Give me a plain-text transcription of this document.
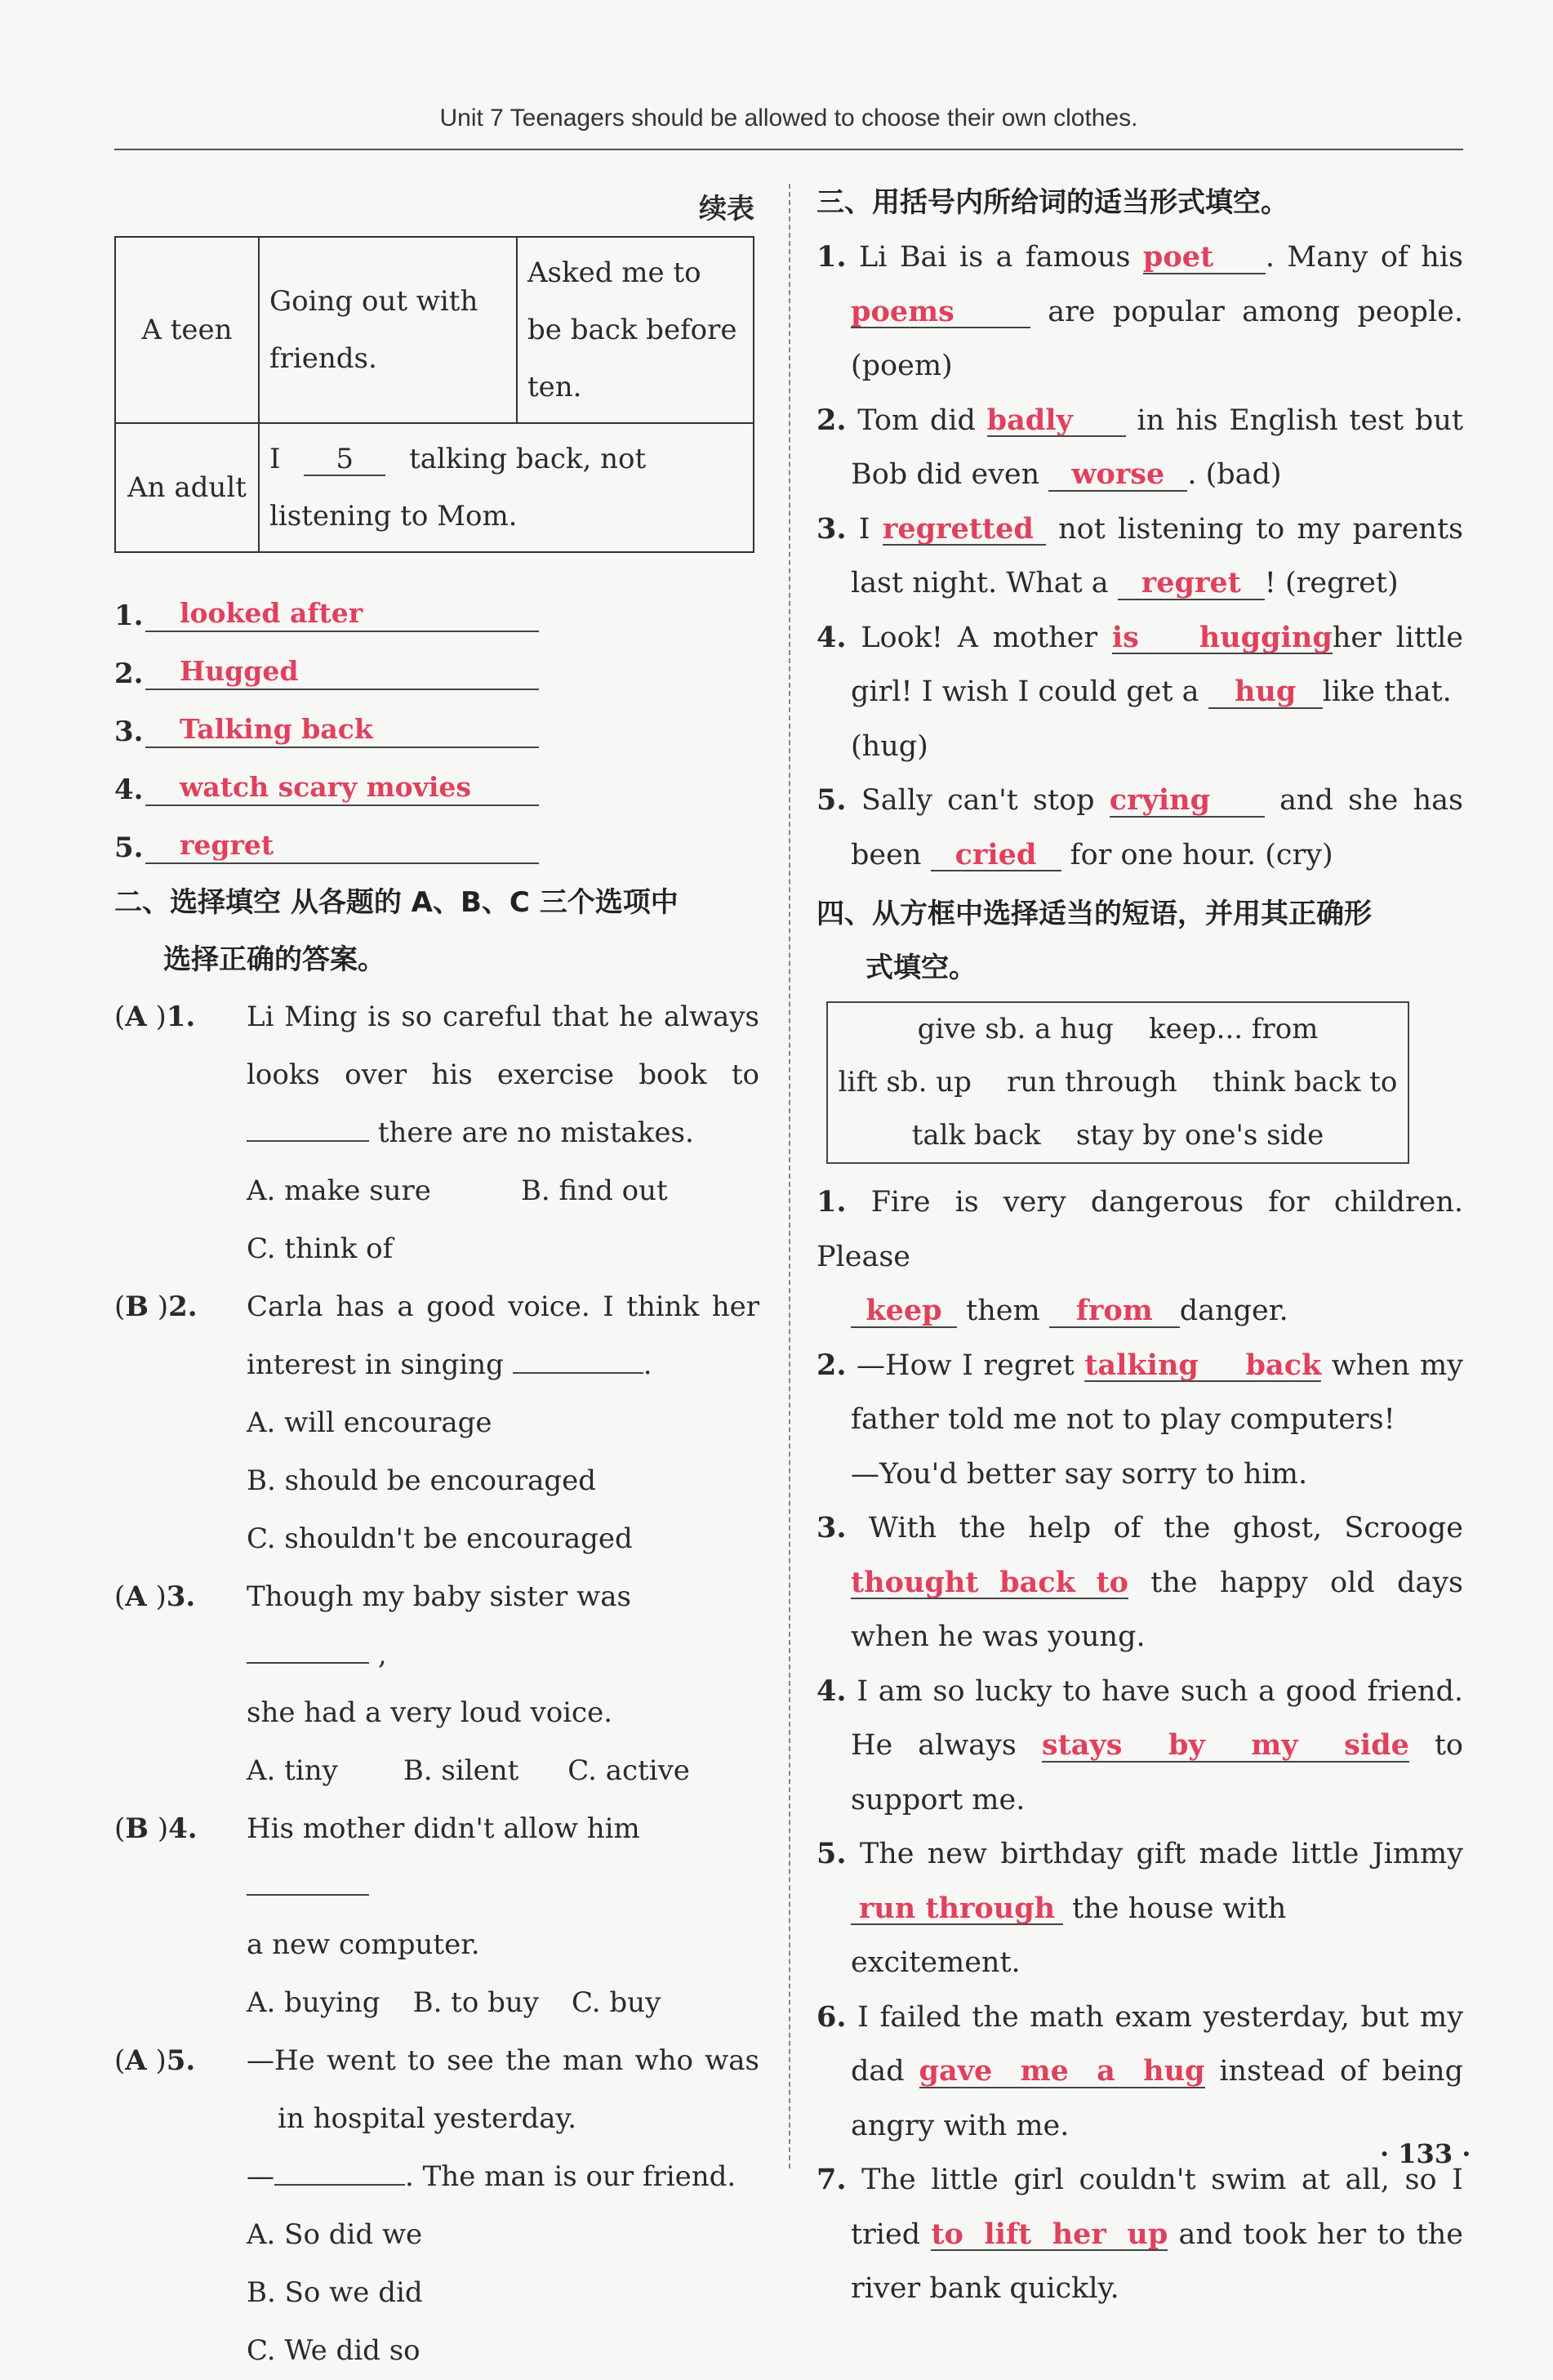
Unit 7 Teenagers should be allowed to choose their own clothes.
续表
A teen	Going out with friends.	Asked me to be back before ten.
An adult	I 5 talking back, not listening to Mom.	
1.	looked after
2.	Hugged
3.	Talking back
4.	watch scary movies
5.	regret
二、选择填空 从各题的 A、B、C 三个选项中
选择正确的答案。
(A )1.	Li Ming is so careful that he always
looks over his exercise book to
there are no mistakes.
A. make sure	B. find out
C. think of
(B )2.	Carla has a good voice. I think her
interest in singing	.
A. will encourage
B. should be encouraged
C. shouldn't be encouraged
(A )3.	Though my baby sister was  ,
she had a very loud voice.
A. tiny B. silent C. active
(B )4.	His mother didn't allow him
a new computer.
A. buying B. to buy C. buy
(A )5.	—He went to see the man who was
in hospital yesterday.
—	. The man is our friend.
A. So did we
B. So we did
C. We did so
三、用括号内所给词的适当形式填空。
1. Li Bai is a famous poet . Many of his
poems	are popular among people.
(poem)
2. Tom did badly in his English test but
Bob did even worse . (bad)
3. I regretted not listening to my parents
last night. What a regret ! (regret)
4. Look! A mother is huggingher little
girl! I wish I could get a hug like that.
(hug)
5. Sally can't stop crying and she has
been cried for one hour. (cry)
四、从方框中选择适当的短语，并用其正确形
式填空。
give sb. a hug    keep... from
lift sb. up    run through    think back to
talk back    stay by one's side
1. Fire is very dangerous for children. Please
keep them from danger.
2. —How I regret talking back when my
father told me not to play computers!
—You'd better say sorry to him.
3. With the help of the ghost, Scrooge
thought back to the happy old days
when he was young.
4. I am so lucky to have such a good friend.
He always stays by my side to
support me.
5. The new birthday gift made little Jimmy
run through the house with excitement.
6. I failed the math exam yesterday, but my
dad gave me a hug instead of being
angry with me.
7. The little girl couldn't swim at all, so I
tried to lift her up and took her to the
river bank quickly.
· 133 ·
